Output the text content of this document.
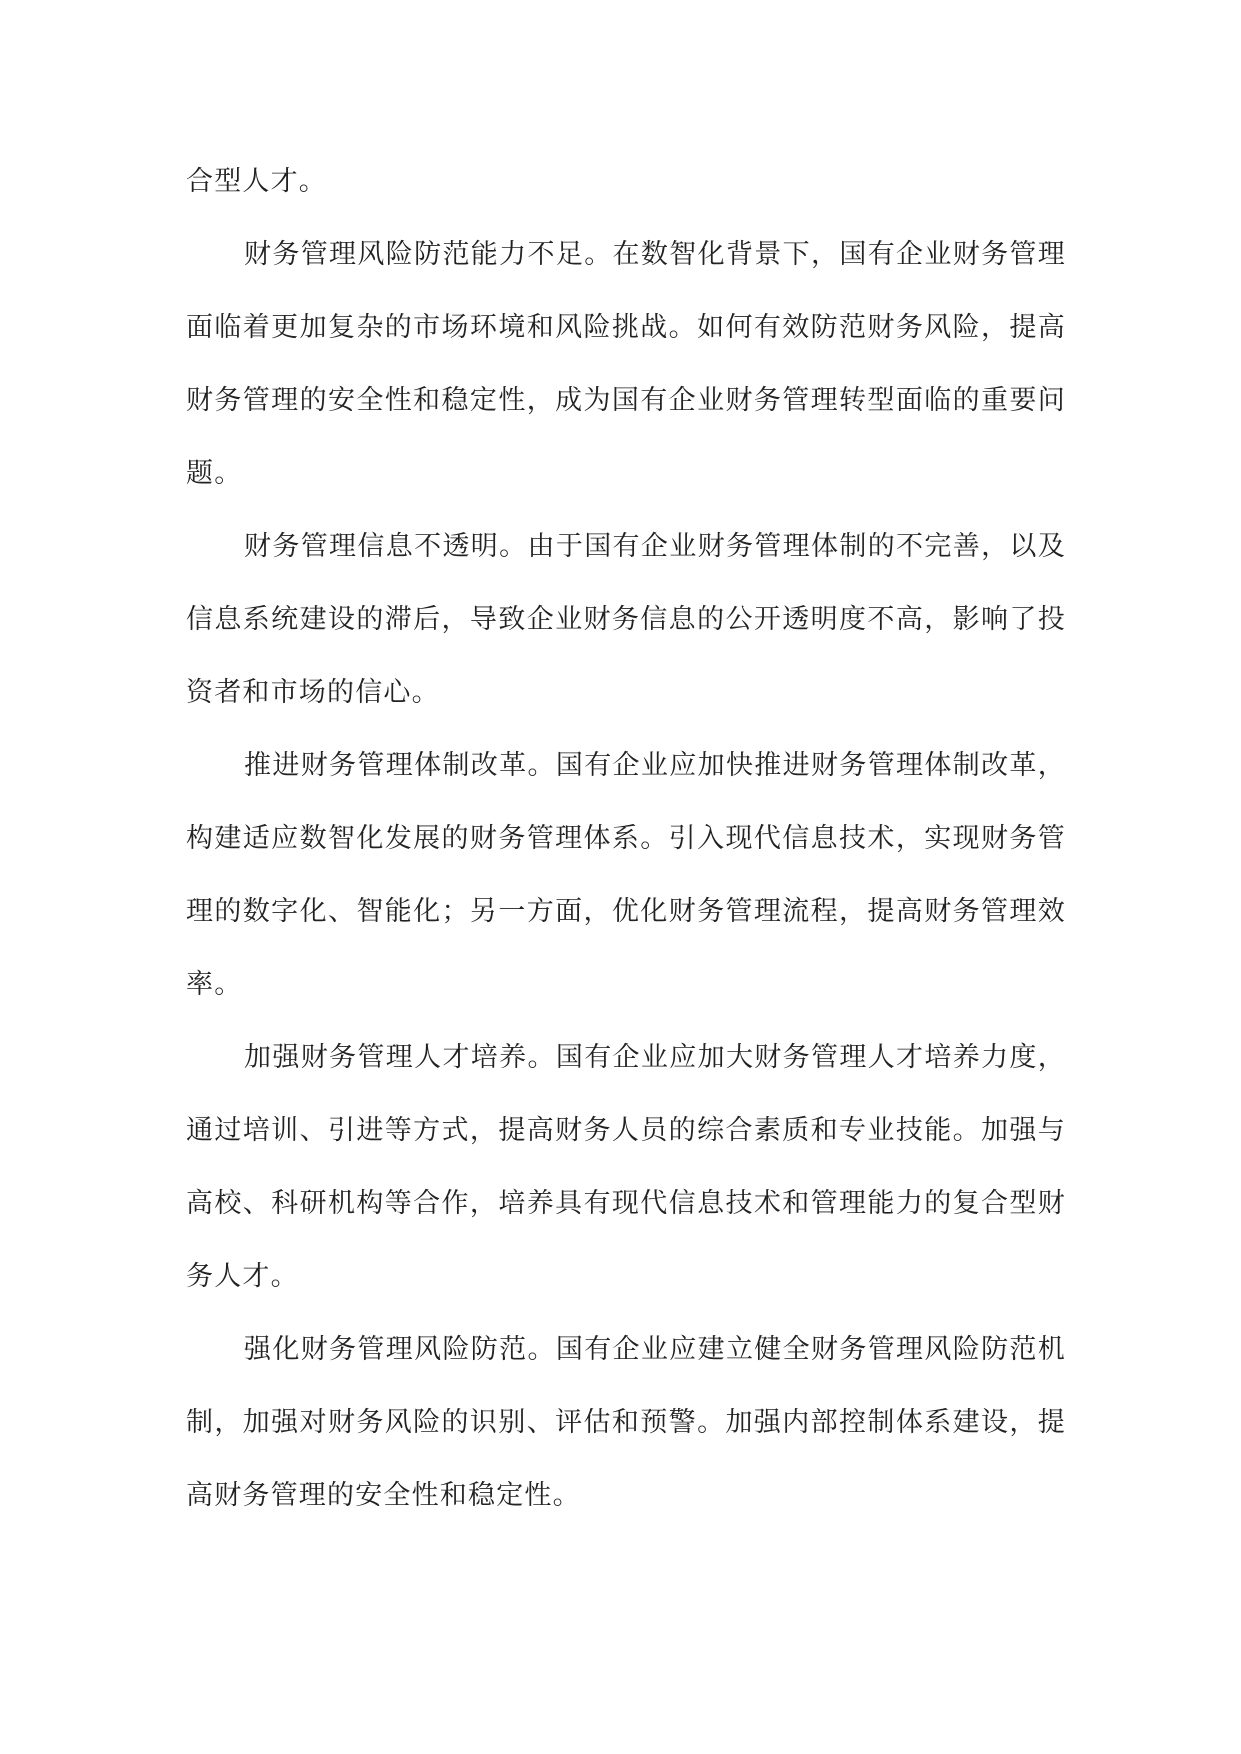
合型人才。

财务管理风险防范能力不足。在数智化背景下，国有企业财务管理面临着更加复杂的市场环境和风险挑战。如何有效防范财务风险，提高财务管理的安全性和稳定性，成为国有企业财务管理转型面临的重要问题。

财务管理信息不透明。由于国有企业财务管理体制的不完善，以及信息系统建设的滞后，导致企业财务信息的公开透明度不高，影响了投资者和市场的信心。

推进财务管理体制改革。国有企业应加快推进财务管理体制改革，构建适应数智化发展的财务管理体系。引入现代信息技术，实现财务管理的数字化、智能化；另一方面，优化财务管理流程，提高财务管理效率。

加强财务管理人才培养。国有企业应加大财务管理人才培养力度，通过培训、引进等方式，提高财务人员的综合素质和专业技能。加强与高校、科研机构等合作，培养具有现代信息技术和管理能力的复合型财务人才。

强化财务管理风险防范。国有企业应建立健全财务管理风险防范机制，加强对财务风险的识别、评估和预警。加强内部控制体系建设，提高财务管理的安全性和稳定性。
